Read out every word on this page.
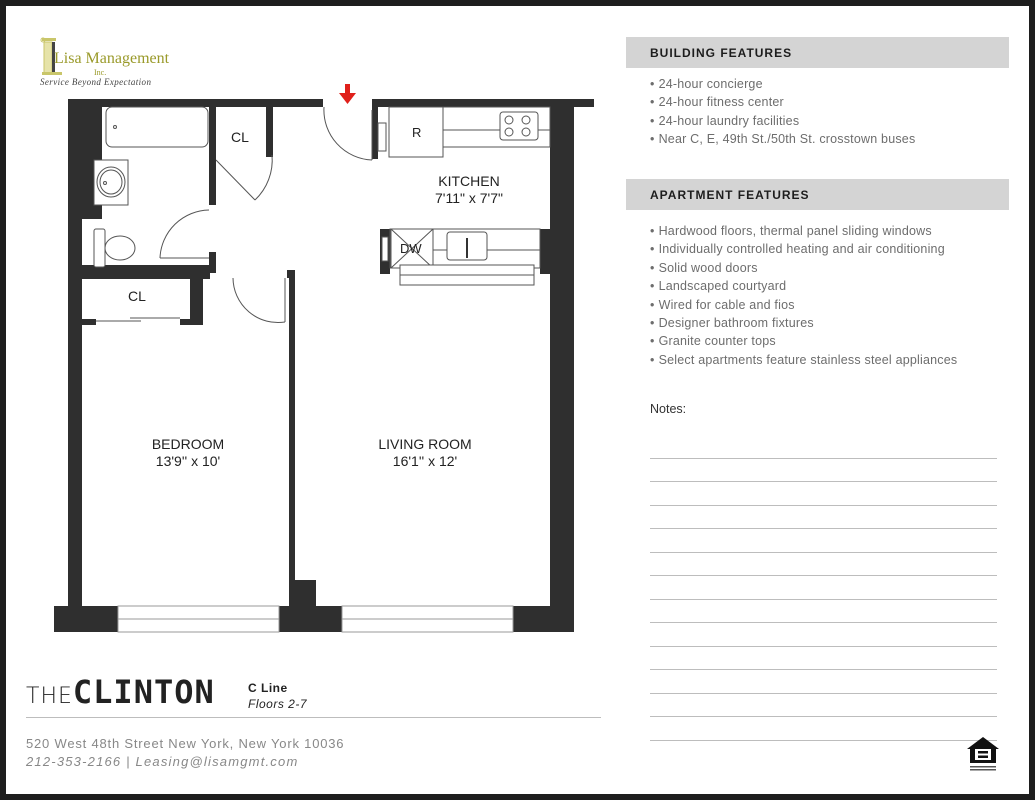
Lisa Management
Inc.
Service Beyond Expectation
CL
CL
R
DW
KITCHEN
7'11" x 7'7"
BEDROOM
13'9'' x 10'
LIVING ROOM
16'1'' x 12'
THECLINTON	C Line
Floors 2-7
520 West 48th Street New York, New York 10036
212-353-2166 | Leasing@lisamgmt.com
BUILDING FEATURES
• 24-hour concierge
• 24-hour fitness center
• 24-hour laundry facilities
• Near C, E, 49th St./50th St. crosstown buses
APARTMENT FEATURES
• Hardwood floors, thermal panel sliding windows
• Individually controlled heating and air conditioning
• Solid wood doors
• Landscaped courtyard
• Wired for cable and fios
• Designer bathroom fixtures
• Granite counter tops
• Select apartments feature stainless steel appliances
Notes:
